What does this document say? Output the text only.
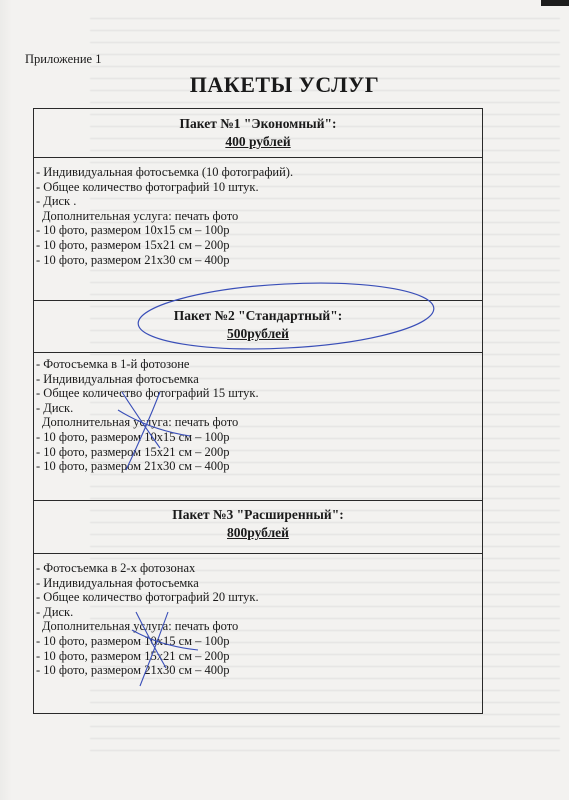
Приложение 1
ПАКЕТЫ УСЛУГ
Пакет №1 "Экономный":
400 рублей
- Индивидуальная фотосъемка (10 фотографий).
- Общее количество фотографий 10 штук.
- Диск .
Дополнительная услуга: печать фото
- 10 фото, размером 10х15 см – 100р
- 10 фото, размером 15х21 см – 200р
- 10 фото, размером 21х30 см – 400р
Пакет №2 "Стандартный":
500рублей
- Фотосъемка в 1-й фотозоне
- Индивидуальная фотосъемка
- Общее количество фотографий 15 штук.
- Диск.
Дополнительная услуга: печать фото
- 10 фото, размером 10х15 см – 100р
- 10 фото, размером 15х21 см – 200р
- 10 фото, размером 21х30 см – 400р
Пакет №3 "Расширенный":
800рублей
- Фотосъемка в 2-х фотозонах
- Индивидуальная фотосъемка
- Общее количество фотографий 20 штук.
- Диск.
Дополнительная услуга: печать фото
- 10 фото, размером 10х15 см – 100р
- 10 фото, размером 15х21 см – 200р
- 10 фото, размером 21х30 см – 400р
